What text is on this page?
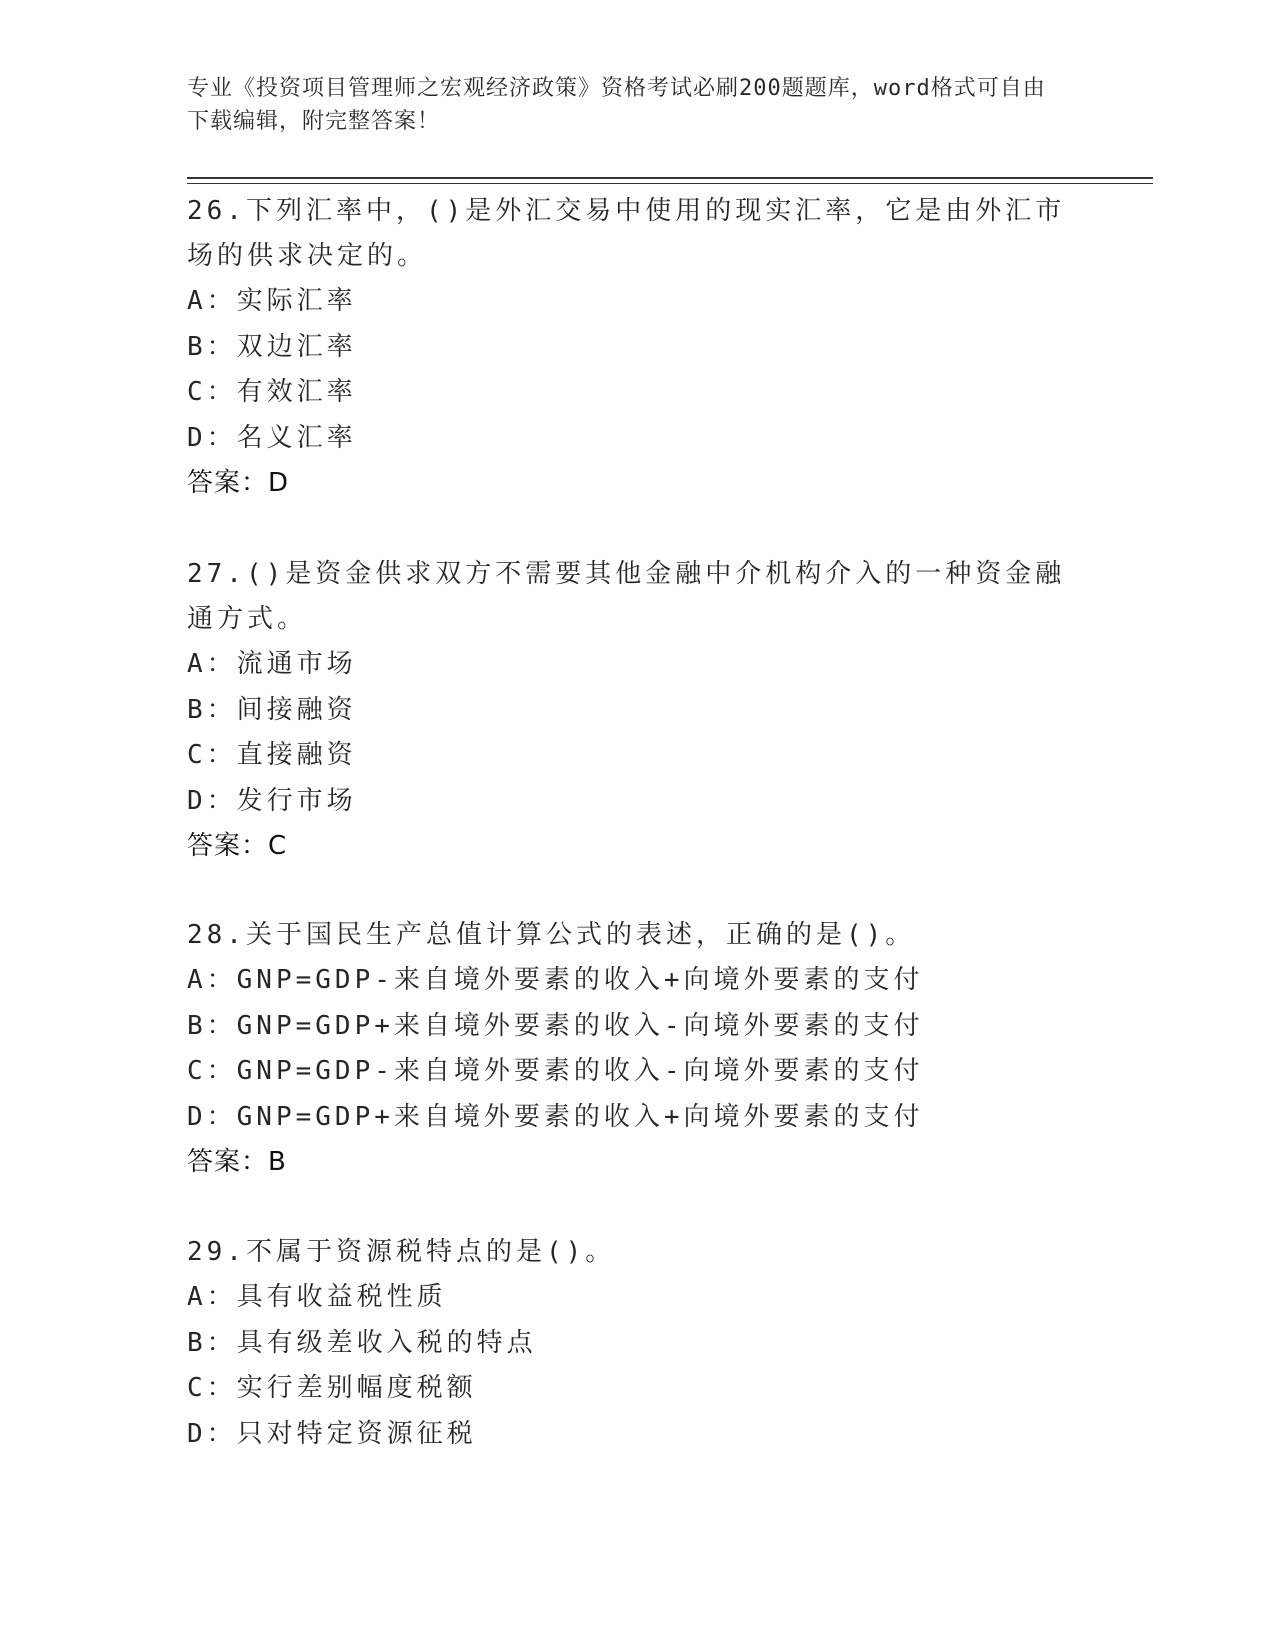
专业《投资项目管理师之宏观经济政策》资格考试必刷200题题库，word格式可自由下载编辑，附完整答案！
26.下列汇率中，()是外汇交易中使用的现实汇率，它是由外汇市场的供求决定的。
A：实际汇率
B：双边汇率
C：有效汇率
D：名义汇率
答案：D
27.()是资金供求双方不需要其他金融中介机构介入的一种资金融通方式。
A：流通市场
B：间接融资
C：直接融资
D：发行市场
答案：C
28.关于国民生产总值计算公式的表述，正确的是()。
A：GNP=GDP-来自境外要素的收入+向境外要素的支付
B：GNP=GDP+来自境外要素的收入-向境外要素的支付
C：GNP=GDP-来自境外要素的收入-向境外要素的支付
D：GNP=GDP+来自境外要素的收入+向境外要素的支付
答案：B
29.不属于资源税特点的是()。
A：具有收益税性质
B：具有级差收入税的特点
C：实行差别幅度税额
D：只对特定资源征税
